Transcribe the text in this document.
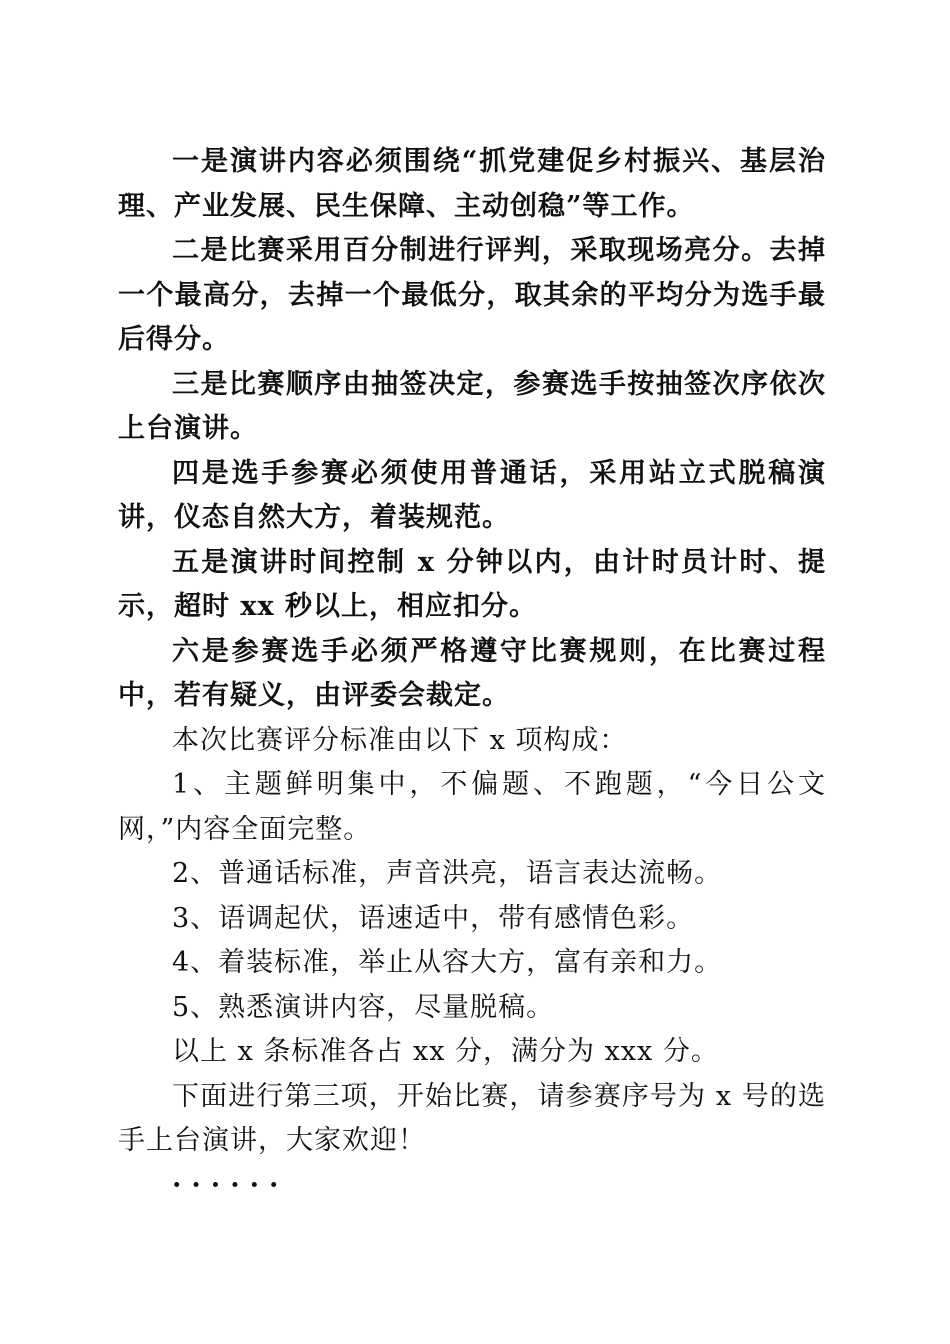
一是演讲内容必须围绕“抓党建促乡村振兴、基层治理、产业发展、民生保障、主动创稳”等工作。

二是比赛采用百分制进行评判，采取现场亮分。去掉一个最高分，去掉一个最低分，取其余的平均分为选手最后得分。

三是比赛顺序由抽签决定，参赛选手按抽签次序依次上台演讲。

四是选手参赛必须使用普通话，采用站立式脱稿演讲，仪态自然大方，着装规范。

五是演讲时间控制 x 分钟以内，由计时员计时、提示，超时 xx 秒以上，相应扣分。

六是参赛选手必须严格遵守比赛规则，在比赛过程中，若有疑义，由评委会裁定。

本次比赛评分标准由以下 x 项构成：

1、主题鲜明集中，不偏题、不跑题，“今日公文网，”内容全面完整。

2、普通话标准，声音洪亮，语言表达流畅。

3、语调起伏，语速适中，带有感情色彩。

4、着装标准，举止从容大方，富有亲和力。

5、熟悉演讲内容，尽量脱稿。

以上 x 条标准各占 xx 分，满分为 xxx 分。

下面进行第三项，开始比赛，请参赛序号为 x 号的选手上台演讲，大家欢迎！

······
